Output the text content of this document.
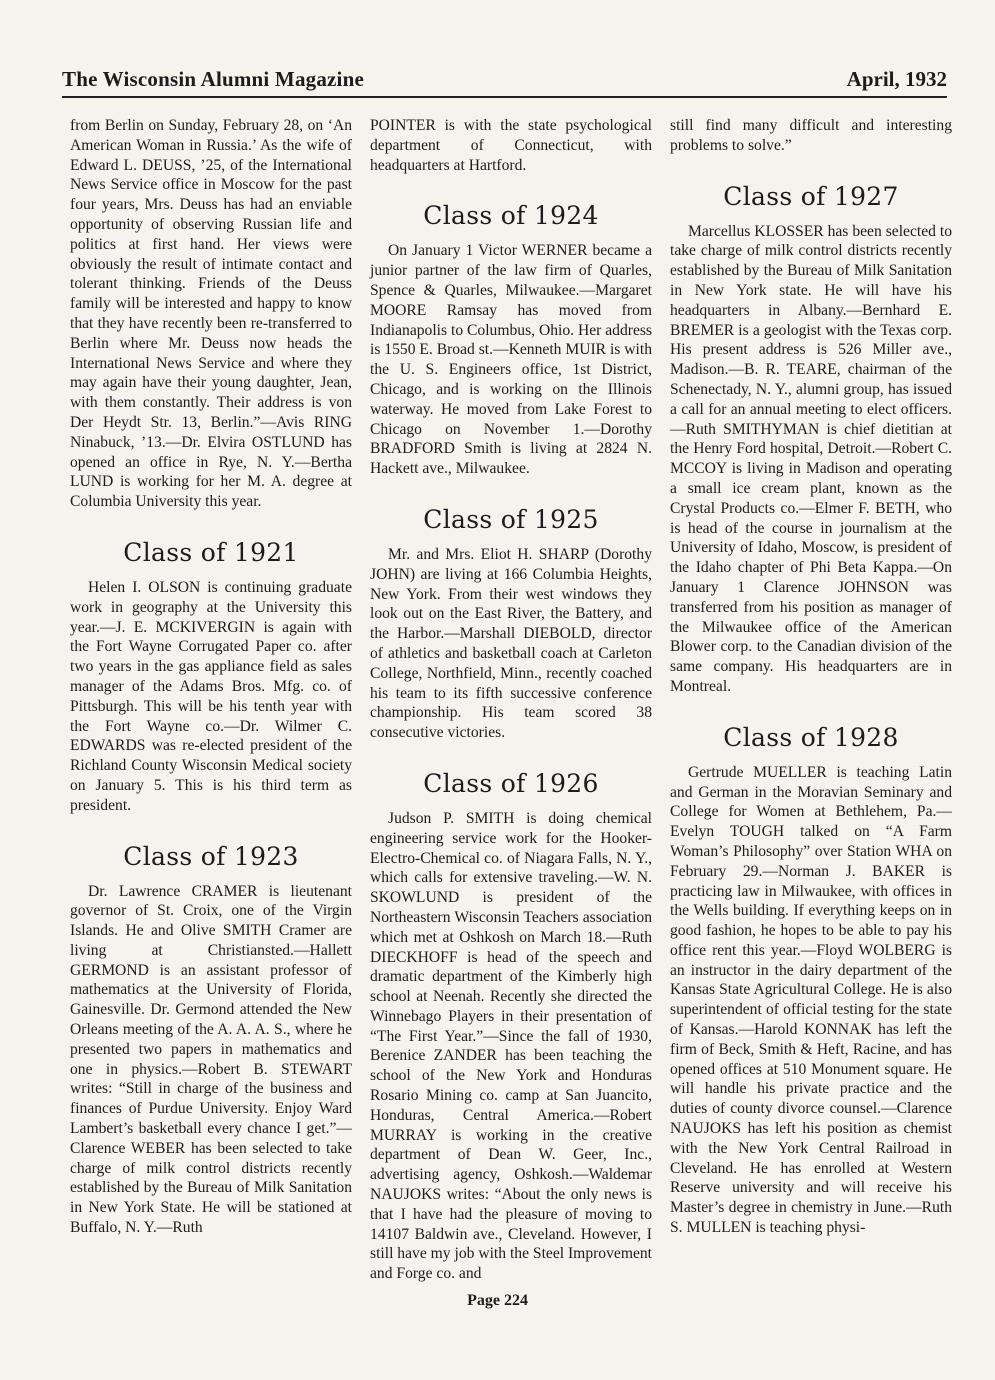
The Wisconsin Alumni Magazine	April, 1932

from Berlin on Sunday, February 28, on ‘An American Woman in Russia.’ As the wife of Edward L. DEUSS, ’25, of the International News Service office in Moscow for the past four years, Mrs. Deuss has had an enviable opportunity of observing Russian life and politics at first hand. Her views were obviously the result of intimate contact and tolerant thinking. Friends of the Deuss family will be interested and happy to know that they have recently been re-transferred to Berlin where Mr. Deuss now heads the International News Service and where they may again have their young daughter, Jean, with them constantly. Their address is von Der Heydt Str. 13, Berlin.”—Avis RING Ninabuck, ’13.—Dr. Elvira OSTLUND has opened an office in Rye, N. Y.—Bertha LUND is working for her M. A. degree at Columbia University this year.

Class of 1921

Helen I. OLSON is continuing graduate work in geography at the University this year.—J. E. MCKIVERGIN is again with the Fort Wayne Corrugated Paper co. after two years in the gas appliance field as sales manager of the Adams Bros. Mfg. co. of Pittsburgh. This will be his tenth year with the Fort Wayne co.—Dr. Wilmer C. EDWARDS was re-elected president of the Richland County Wisconsin Medical society on January 5. This is his third term as president.

Class of 1923

Dr. Lawrence CRAMER is lieutenant governor of St. Croix, one of the Virgin Islands. He and Olive SMITH Cramer are living at Christiansted.—Hallett GERMOND is an assistant professor of mathematics at the University of Florida, Gainesville. Dr. Germond attended the New Orleans meeting of the A. A. A. S., where he presented two papers in mathematics and one in physics.—Robert B. STEWART writes: “Still in charge of the business and finances of Purdue University. Enjoy Ward Lambert’s basketball every chance I get.”—Clarence WEBER has been selected to take charge of milk control districts recently established by the Bureau of Milk Sanitation in New York State. He will be stationed at Buffalo, N. Y.—Ruth

POINTER is with the state psychological department of Connecticut, with headquarters at Hartford.

Class of 1924

On January 1 Victor WERNER became a junior partner of the law firm of Quarles, Spence & Quarles, Milwaukee.—Margaret MOORE Ramsay has moved from Indianapolis to Columbus, Ohio. Her address is 1550 E. Broad st.—Kenneth MUIR is with the U. S. Engineers office, 1st District, Chicago, and is working on the Illinois waterway. He moved from Lake Forest to Chicago on November 1.—Dorothy BRADFORD Smith is living at 2824 N. Hackett ave., Milwaukee.

Class of 1925

Mr. and Mrs. Eliot H. SHARP (Dorothy JOHN) are living at 166 Columbia Heights, New York. From their west windows they look out on the East River, the Battery, and the Harbor.—Marshall DIEBOLD, director of athletics and basketball coach at Carleton College, Northfield, Minn., recently coached his team to its fifth successive conference championship. His team scored 38 consecutive victories.

Class of 1926

Judson P. SMITH is doing chemical engineering service work for the Hooker-Electro-Chemical co. of Niagara Falls, N. Y., which calls for extensive traveling.—W. N. SKOWLUND is president of the Northeastern Wisconsin Teachers association which met at Oshkosh on March 18.—Ruth DIECKHOFF is head of the speech and dramatic department of the Kimberly high school at Neenah. Recently she directed the Winnebago Players in their presentation of “The First Year.”—Since the fall of 1930, Berenice ZANDER has been teaching the school of the New York and Honduras Rosario Mining co. camp at San Juancito, Honduras, Central America.—Robert MURRAY is working in the creative department of Dean W. Geer, Inc., advertising agency, Oshkosh.—Waldemar NAUJOKS writes: “About the only news is that I have had the pleasure of moving to 14107 Baldwin ave., Cleveland. However, I still have my job with the Steel Improvement and Forge co. and

still find many difficult and interesting problems to solve.”

Class of 1927

Marcellus KLOSSER has been selected to take charge of milk control districts recently established by the Bureau of Milk Sanitation in New York state. He will have his headquarters in Albany.—Bernhard E. BREMER is a geologist with the Texas corp. His present address is 526 Miller ave., Madison.—B. R. TEARE, chairman of the Schenectady, N. Y., alumni group, has issued a call for an annual meeting to elect officers.—Ruth SMITHYMAN is chief dietitian at the Henry Ford hospital, Detroit.—Robert C. MCCOY is living in Madison and operating a small ice cream plant, known as the Crystal Products co.—Elmer F. BETH, who is head of the course in journalism at the University of Idaho, Moscow, is president of the Idaho chapter of Phi Beta Kappa.—On January 1 Clarence JOHNSON was transferred from his position as manager of the Milwaukee office of the American Blower corp. to the Canadian division of the same company. His headquarters are in Montreal.

Class of 1928

Gertrude MUELLER is teaching Latin and German in the Moravian Seminary and College for Women at Bethlehem, Pa.—Evelyn TOUGH talked on “A Farm Woman’s Philosophy” over Station WHA on February 29.—Norman J. BAKER is practicing law in Milwaukee, with offices in the Wells building. If everything keeps on in good fashion, he hopes to be able to pay his office rent this year.—Floyd WOLBERG is an instructor in the dairy department of the Kansas State Agricultural College. He is also superintendent of official testing for the state of Kansas.—Harold KONNAK has left the firm of Beck, Smith & Heft, Racine, and has opened offices at 510 Monument square. He will handle his private practice and the duties of county divorce counsel.—Clarence NAUJOKS has left his position as chemist with the New York Central Railroad in Cleveland. He has enrolled at Western Reserve university and will receive his Master’s degree in chemistry in June.—Ruth S. MULLEN is teaching physi-

Page 224
